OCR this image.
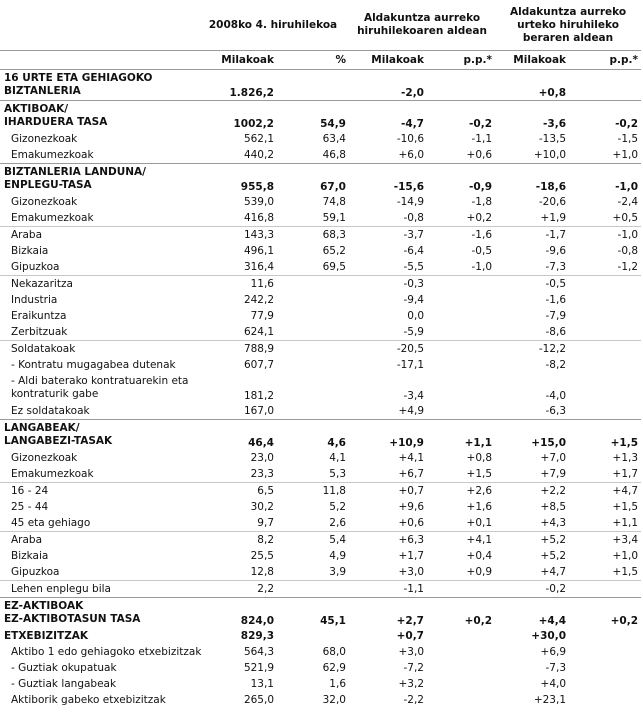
	2008ko 4. hiruhilekoa		Aldakuntza aurreko hiruhilekoaren aldean		Aldakuntza aurreko urteko hiruhileko beraren aldean	
	Milakoak	%	Milakoak	p.p.*	Milakoak	p.p.*
16 URTE ETA GEHIAGOKO
BIZTANLERIA	1.826,2		-2,0		+0,8	
AKTIBOAK/
IHARDUERA TASA	1002,2	54,9	-4,7	-0,2	-3,6	-0,2
Gizonezkoak	562,1	63,4	-10,6	-1,1	-13,5	-1,5
Emakumezkoak	440,2	46,8	+6,0	+0,6	+10,0	+1,0
BIZTANLERIA LANDUNA/
ENPLEGU-TASA	955,8	67,0	-15,6	-0,9	-18,6	-1,0
Gizonezkoak	539,0	74,8	-14,9	-1,8	-20,6	-2,4
Emakumezkoak	416,8	59,1	-0,8	+0,2	+1,9	+0,5
Araba	143,3	68,3	-3,7	-1,6	-1,7	-1,0
Bizkaia	496,1	65,2	-6,4	-0,5	-9,6	-0,8
Gipuzkoa	316,4	69,5	-5,5	-1,0	-7,3	-1,2
Nekazaritza	11,6		-0,3		-0,5	
Industria	242,2		-9,4		-1,6	
Eraikuntza	77,9		0,0		-7,9	
Zerbitzuak	624,1		-5,9		-8,6	
Soldatakoak	788,9		-20,5		-12,2	
- Kontratu mugagabea dutenak	607,7		-17,1		-8,2	
- Aldi baterako kontratuarekin eta
kontraturik gabe	181,2		-3,4		-4,0	
Ez soldatakoak	167,0		+4,9		-6,3	
LANGABEAK/
LANGABEZI-TASAK	46,4	4,6	+10,9	+1,1	+15,0	+1,5
Gizonezkoak	23,0	4,1	+4,1	+0,8	+7,0	+1,3
Emakumezkoak	23,3	5,3	+6,7	+1,5	+7,9	+1,7
16 - 24	6,5	11,8	+0,7	+2,6	+2,2	+4,7
25 - 44	30,2	5,2	+9,6	+1,6	+8,5	+1,5
45 eta gehiago	9,7	2,6	+0,6	+0,1	+4,3	+1,1
Araba	8,2	5,4	+6,3	+4,1	+5,2	+3,4
Bizkaia	25,5	4,9	+1,7	+0,4	+5,2	+1,0
Gipuzkoa	12,8	3,9	+3,0	+0,9	+4,7	+1,5
Lehen enplegu bila	2,2		-1,1		-0,2	
EZ-AKTIBOAK
EZ-AKTIBOTASUN TASA	824,0	45,1	+2,7	+0,2	+4,4	+0,2
ETXEBIZITZAK	829,3		+0,7		+30,0	
Aktibo 1 edo gehiagoko etxebizitzak	564,3	68,0	+3,0		+6,9	
- Guztiak okupatuak	521,9	62,9	-7,2		-7,3	
- Guztiak langabeak	13,1	1,6	+3,2		+4,0	
Aktiborik gabeko etxebizitzak	265,0	32,0	-2,2		+23,1	
